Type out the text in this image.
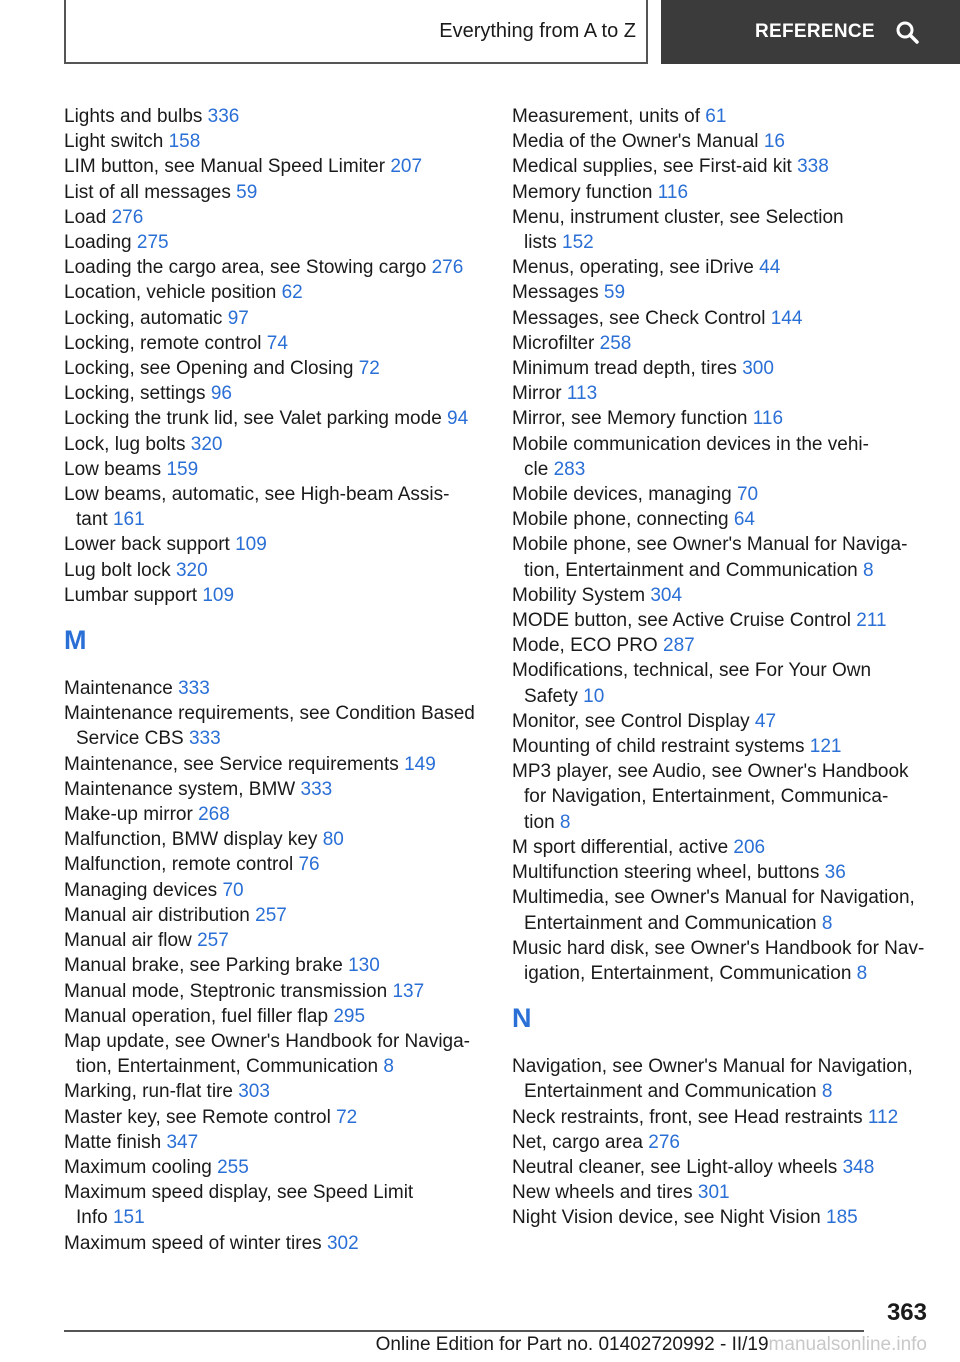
Everything from A to Z	REFERENCE

Lights and bulbs 336

Light switch 158

LIM button, see Manual Speed Limiter 207

List of all messages 59

Load 276

Loading 275

Loading the cargo area, see Stowing cargo 276

Location, vehicle position 62

Locking, automatic 97

Locking, remote control 74

Locking, see Opening and Closing 72

Locking, settings 96

Locking the trunk lid, see Valet parking mode 94

Lock, lug bolts 320

Low beams 159

Low beams, automatic, see High-beam Assis-
tant 161

Lower back support 109

Lug bolt lock 320

Lumbar support 109

M

Maintenance 333

Maintenance requirements, see Condition Based
Service CBS 333

Maintenance, see Service requirements 149

Maintenance system, BMW 333

Make-up mirror 268

Malfunction, BMW display key 80

Malfunction, remote control 76

Managing devices 70

Manual air distribution 257

Manual air flow 257

Manual brake, see Parking brake 130

Manual mode, Steptronic transmission 137

Manual operation, fuel filler flap 295

Map update, see Owner's Handbook for Naviga-
tion, Entertainment, Communication 8

Marking, run-flat tire 303

Master key, see Remote control 72

Matte finish 347

Maximum cooling 255

Maximum speed display, see Speed Limit
Info 151

Maximum speed of winter tires 302

Measurement, units of 61

Media of the Owner's Manual 16

Medical supplies, see First-aid kit 338

Memory function 116

Menu, instrument cluster, see Selection
lists 152

Menus, operating, see iDrive 44

Messages 59

Messages, see Check Control 144

Microfilter 258

Minimum tread depth, tires 300

Mirror 113

Mirror, see Memory function 116

Mobile communication devices in the vehi-
cle 283

Mobile devices, managing 70

Mobile phone, connecting 64

Mobile phone, see Owner's Manual for Naviga-
tion, Entertainment and Communication 8

Mobility System 304

MODE button, see Active Cruise Control 211

Mode, ECO PRO 287

Modifications, technical, see For Your Own
Safety 10

Monitor, see Control Display 47

Mounting of child restraint systems 121

MP3 player, see Audio, see Owner's Handbook
for Navigation, Entertainment, Communica-
tion 8

M sport differential, active 206

Multifunction steering wheel, buttons 36

Multimedia, see Owner's Manual for Navigation,
Entertainment and Communication 8

Music hard disk, see Owner's Handbook for Nav-
igation, Entertainment, Communication 8

N

Navigation, see Owner's Manual for Navigation,
Entertainment and Communication 8

Neck restraints, front, see Head restraints 112

Net, cargo area 276

Neutral cleaner, see Light-alloy wheels 348

New wheels and tires 301

Night Vision device, see Night Vision 185

363
Online Edition for Part no. 01402720992 - II/19manualsonline.info
